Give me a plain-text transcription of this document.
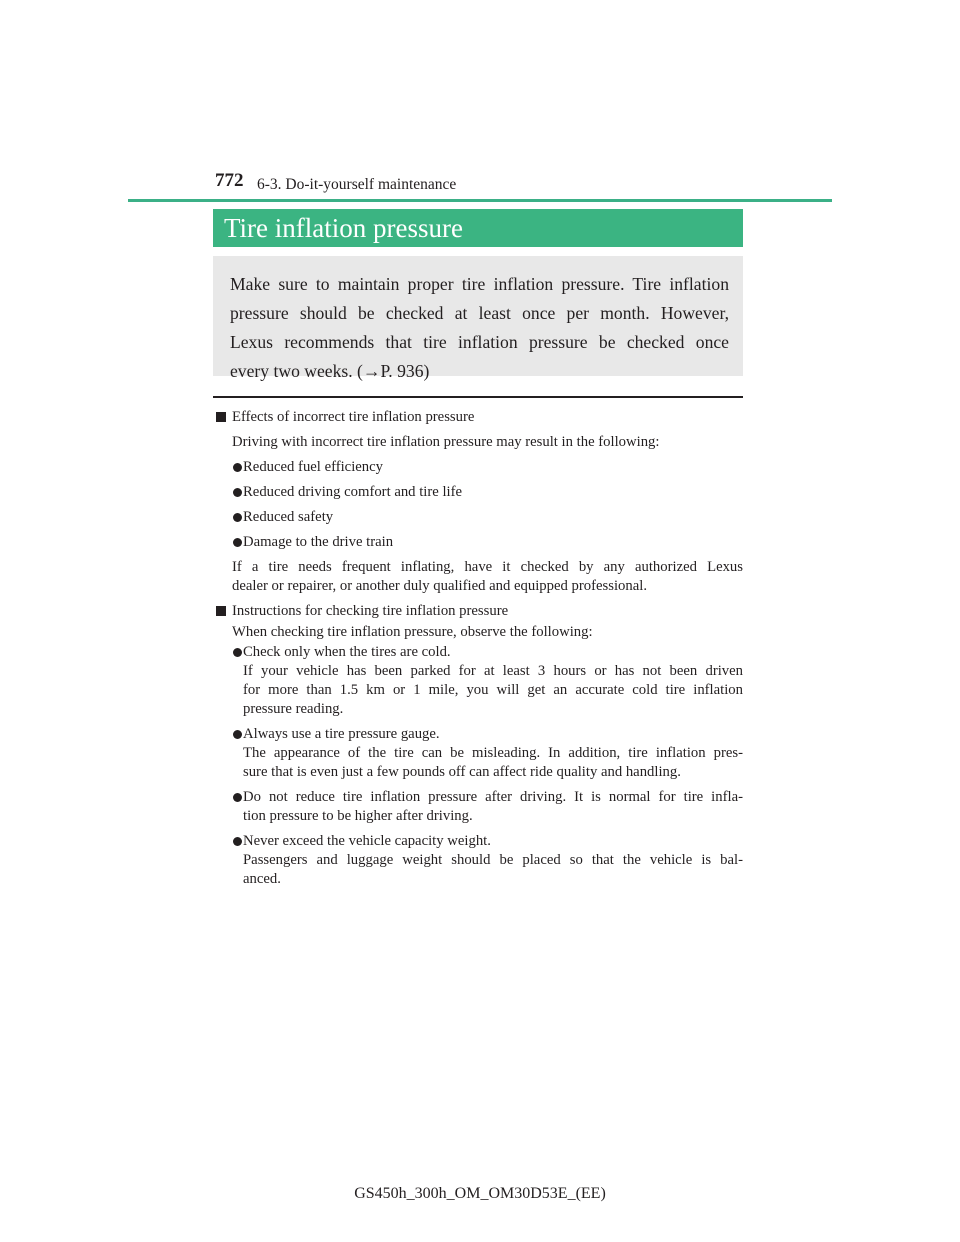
772 6-3. Do-it-yourself maintenance
Tire inflation pressure

Make sure to maintain proper tire inflation pressure. Tire inflation
pressure should be checked at least once per month. However,
Lexus recommends that tire inflation pressure be checked once
every two weeks. (→P. 936)

Effects of incorrect tire inflation pressure

Driving with incorrect tire inflation pressure may result in the following:

Reduced fuel efficiency

Reduced driving comfort and tire life

Reduced safety

Damage to the drive train

If a tire needs frequent inflating, have it checked by any authorized Lexus
dealer or repairer, or another duly qualified and equipped professional.

Instructions for checking tire inflation pressure

When checking tire inflation pressure, observe the following:

Check only when the tires are cold.
If your vehicle has been parked for at least 3 hours or has not been driven
for more than 1.5 km or 1 mile, you will get an accurate cold tire inflation
pressure reading.
Always use a tire pressure gauge.
The appearance of the tire can be misleading. In addition, tire inflation pres-
sure that is even just a few pounds off can affect ride quality and handling.
Do not reduce tire inflation pressure after driving. It is normal for tire infla-
tion pressure to be higher after driving.
Never exceed the vehicle capacity weight.
Passengers and luggage weight should be placed so that the vehicle is bal-
anced.
GS450h_300h_OM_OM30D53E_(EE)
